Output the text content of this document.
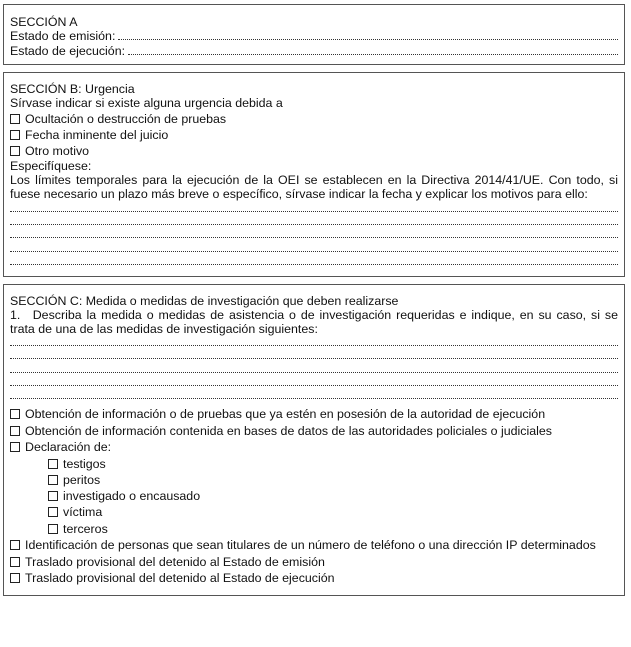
SECCIÓN A
Estado de emisión:
Estado de ejecución:
SECCIÓN B: Urgencia
Sírvase indicar si existe alguna urgencia debida a
Ocultación o destrucción de pruebas
Fecha inminente del juicio
Otro motivo
Especifíquese:
Los límites temporales para la ejecución de la OEI se establecen en la Directiva 2014/41/UE. Con todo, si fuese necesario un plazo más breve o específico, sírvase indicar la fecha y explicar los motivos para ello:
SECCIÓN C: Medida o medidas de investigación que deben realizarse
1. Describa la medida o medidas de asistencia o de investigación requeridas e indique, en su caso, si se trata de una de las medidas de investigación siguientes:
Obtención de información o de pruebas que ya estén en posesión de la autoridad de ejecución
Obtención de información contenida en bases de datos de las autoridades policiales o judiciales
Declaración de:
testigos
peritos
investigado o encausado
víctima
terceros
Identificación de personas que sean titulares de un número de teléfono o una dirección IP determinados
Traslado provisional del detenido al Estado de emisión
Traslado provisional del detenido al Estado de ejecución
